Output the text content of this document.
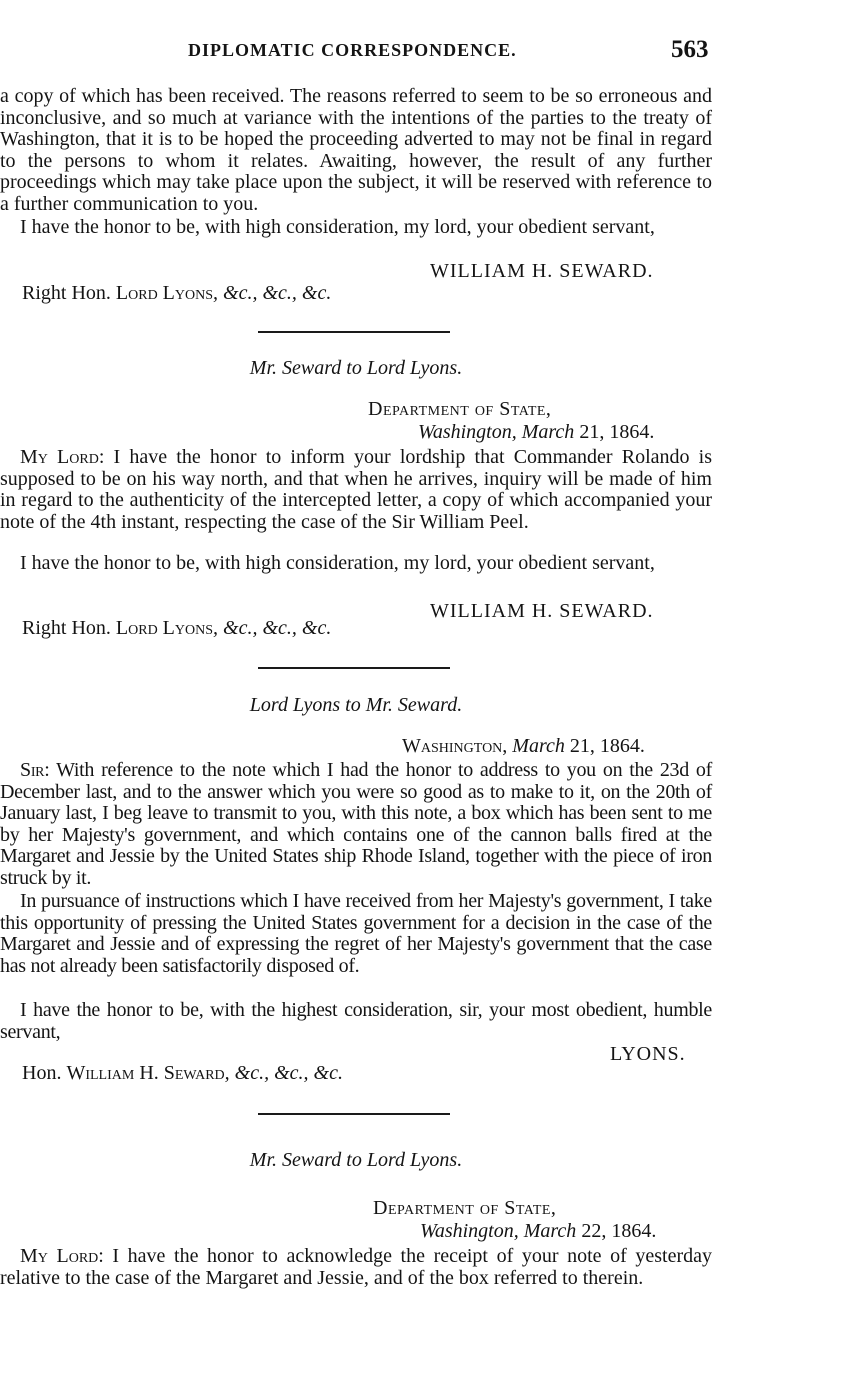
DIPLOMATIC CORRESPONDENCE.	563

a copy of which has been received. The reasons referred to seem to be so erroneous and inconclusive, and so much at variance with the intentions of the parties to the treaty of Washington, that it is to be hoped the proceeding adverted to may not be final in regard to the persons to whom it relates. Awaiting, however, the result of any further proceedings which may take place upon the subject, it will be reserved with reference to a further communication to you.

I have the honor to be, with high consideration, my lord, your obedient servant,

WILLIAM H. SEWARD.
Right Hon. Lord Lyons, &c., &c., &c.
Mr. Seward to Lord Lyons.
Department of State,
Washington, March 21, 1864.

My Lord: I have the honor to inform your lordship that Commander Rolando is supposed to be on his way north, and that when he arrives, inquiry will be made of him in regard to the authenticity of the intercepted letter, a copy of which accompanied your note of the 4th instant, respecting the case of the Sir William Peel.

I have the honor to be, with high consideration, my lord, your obedient servant,

WILLIAM H. SEWARD.
Right Hon. Lord Lyons, &c., &c., &c.
Lord Lyons to Mr. Seward.
Washington, March 21, 1864.

Sir: With reference to the note which I had the honor to address to you on the 23d of December last, and to the answer which you were so good as to make to it, on the 20th of January last, I beg leave to transmit to you, with this note, a box which has been sent to me by her Majesty's government, and which contains one of the cannon balls fired at the Margaret and Jessie by the United States ship Rhode Island, together with the piece of iron struck by it.

In pursuance of instructions which I have received from her Majesty's government, I take this opportunity of pressing the United States government for a decision in the case of the Margaret and Jessie and of expressing the regret of her Majesty's government that the case has not already been satisfactorily disposed of.

I have the honor to be, with the highest consideration, sir, your most obedient, humble servant,

LYONS.
Hon. William H. Seward, &c., &c., &c.
Mr. Seward to Lord Lyons.
Department of State,
Washington, March 22, 1864.

My Lord: I have the honor to acknowledge the receipt of your note of yesterday relative to the case of the Margaret and Jessie, and of the box referred to therein.
